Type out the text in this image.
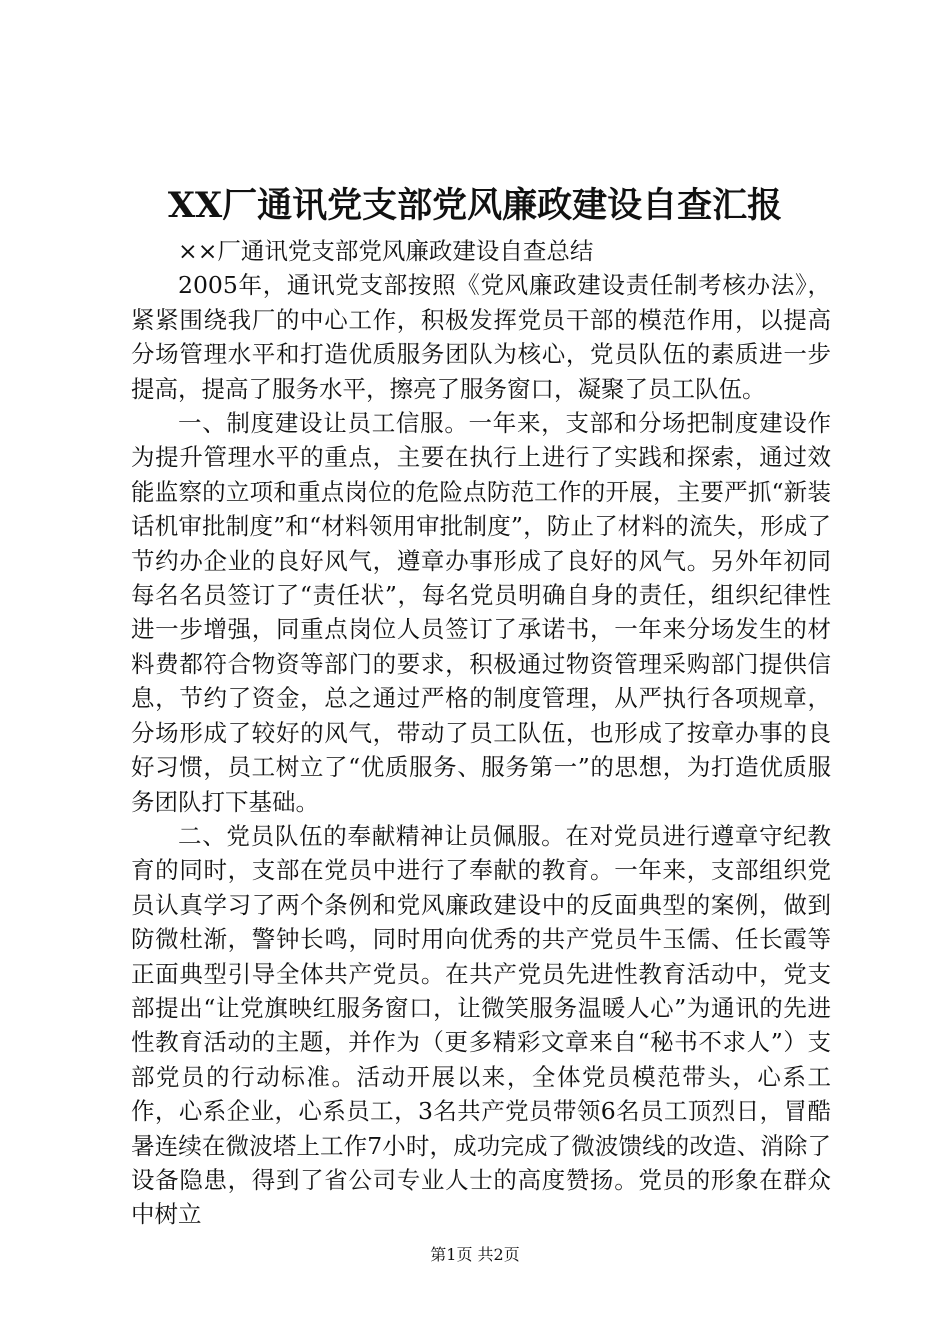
XX厂通讯党支部党风廉政建设自查汇报

××厂通讯党支部党风廉政建设自查总结

2005年，通讯党支部按照《党风廉政建设责任制考核办法》，紧紧围绕我厂的中心工作，积极发挥党员干部的模范作用，以提高分场管理水平和打造优质服务团队为核心，党员队伍的素质进一步提高，提高了服务水平，擦亮了服务窗口，凝聚了员工队伍。

一、制度建设让员工信服。一年来，支部和分场把制度建设作为提升管理水平的重点，主要在执行上进行了实践和探索，通过效能监察的立项和重点岗位的危险点防范工作的开展，主要严抓“新装话机审批制度”和“材料领用审批制度”，防止了材料的流失，形成了节约办企业的良好风气，遵章办事形成了良好的风气。另外年初同每名名员签订了“责任状”，每名党员明确自身的责任，组织纪律性进一步增强，同重点岗位人员签订了承诺书，一年来分场发生的材料费都符合物资等部门的要求，积极通过物资管理采购部门提供信息，节约了资金，总之通过严格的制度管理，从严执行各项规章，分场形成了较好的风气，带动了员工队伍，也形成了按章办事的良好习惯，员工树立了“优质服务、服务第一”的思想，为打造优质服务团队打下基础。

二、党员队伍的奉献精神让员佩服。在对党员进行遵章守纪教育的同时，支部在党员中进行了奉献的教育。一年来，支部组织党员认真学习了两个条例和党风廉政建设中的反面典型的案例，做到防微杜渐，警钟长鸣，同时用向优秀的共产党员牛玉儒、任长霞等正面典型引导全体共产党员。在共产党员先进性教育活动中，党支部提出“让党旗映红服务窗口，让微笑服务温暖人心”为通讯的先进性教育活动的主题，并作为（更多精彩文章来自“秘书不求人”）支部党员的行动标准。活动开展以来，全体党员模范带头，心系工作，心系企业，心系员工，3名共产党员带领6名员工顶烈日，冒酷暑连续在微波塔上工作7小时，成功完成了微波馈线的改造、消除了设备隐患，得到了省公司专业人士的高度赞扬。党员的形象在群众中树立

第1页 共2页
